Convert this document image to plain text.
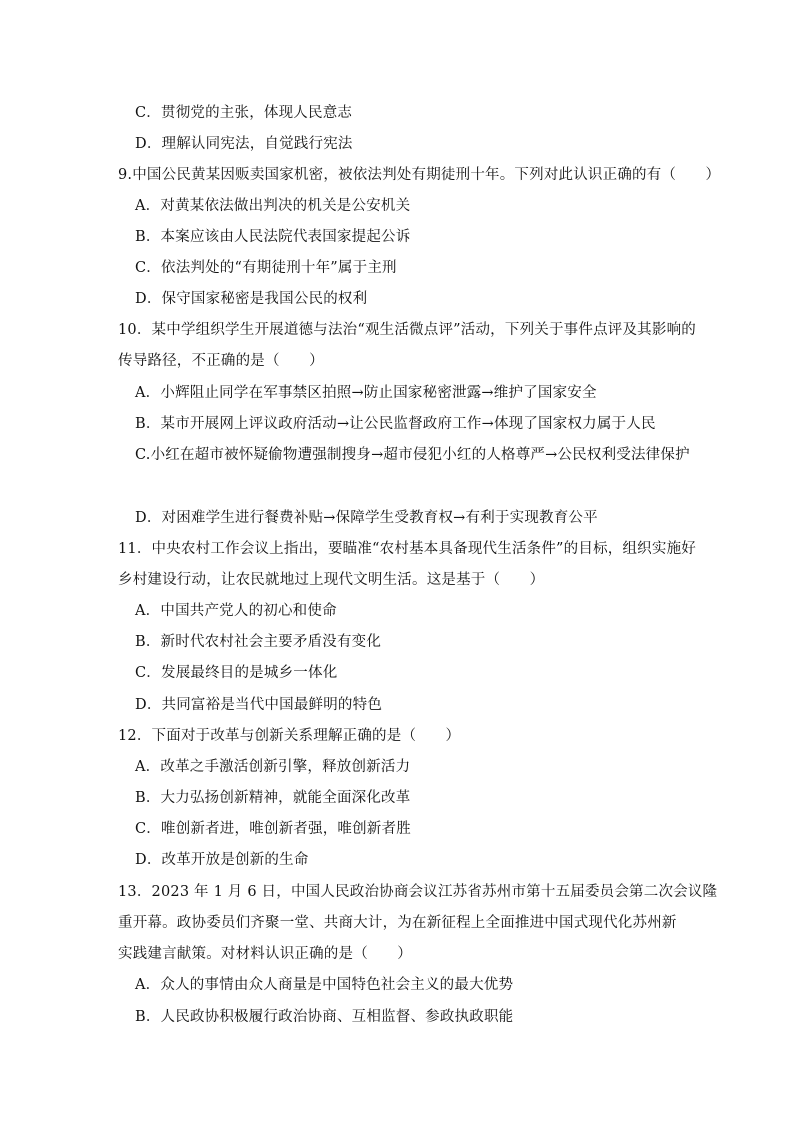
C．贯彻党的主张，体现人民意志
D．理解认同宪法，自觉践行宪法
9.中国公民黄某因贩卖国家机密，被依法判处有期徒刑十年。下列对此认识正确的有（　　）
A．对黄某依法做出判决的机关是公安机关
B．本案应该由人民法院代表国家提起公诉
C．依法判处的“有期徒刑十年”属于主刑
D．保守国家秘密是我国公民的权利
10．某中学组织学生开展道德与法治“观生活微点评”活动，下列关于事件点评及其影响的
传导路径，不正确的是（　　）
A．小辉阻止同学在军事禁区拍照→防止国家秘密泄露→维护了国家安全
B．某市开展网上评议政府活动→让公民监督政府工作→体现了国家权力属于人民
C.小红在超市被怀疑偷物遭强制搜身→超市侵犯小红的人格尊严→公民权利受法律保护
D．对困难学生进行餐费补贴→保障学生受教育权→有利于实现教育公平
11．中央农村工作会议上指出，要瞄准“农村基本具备现代生活条件”的目标，组织实施好
乡村建设行动，让农民就地过上现代文明生活。这是基于（　　）
A．中国共产党人的初心和使命
B．新时代农村社会主要矛盾没有变化
C．发展最终目的是城乡一体化
D．共同富裕是当代中国最鲜明的特色
12．下面对于改革与创新关系理解正确的是（　　）
A．改革之手激活创新引擎，释放创新活力
B．大力弘扬创新精神，就能全面深化改革
C．唯创新者进，唯创新者强，唯创新者胜
D．改革开放是创新的生命
13．2023 年 1 月 6 日，中国人民政治协商会议江苏省苏州市第十五届委员会第二次会议隆
重开幕。政协委员们齐聚一堂、共商大计，为在新征程上全面推进中国式现代化苏州新
实践建言献策。对材料认识正确的是（　　）
A．众人的事情由众人商量是中国特色社会主义的最大优势
B．人民政协积极履行政治协商、互相监督、参政执政职能
